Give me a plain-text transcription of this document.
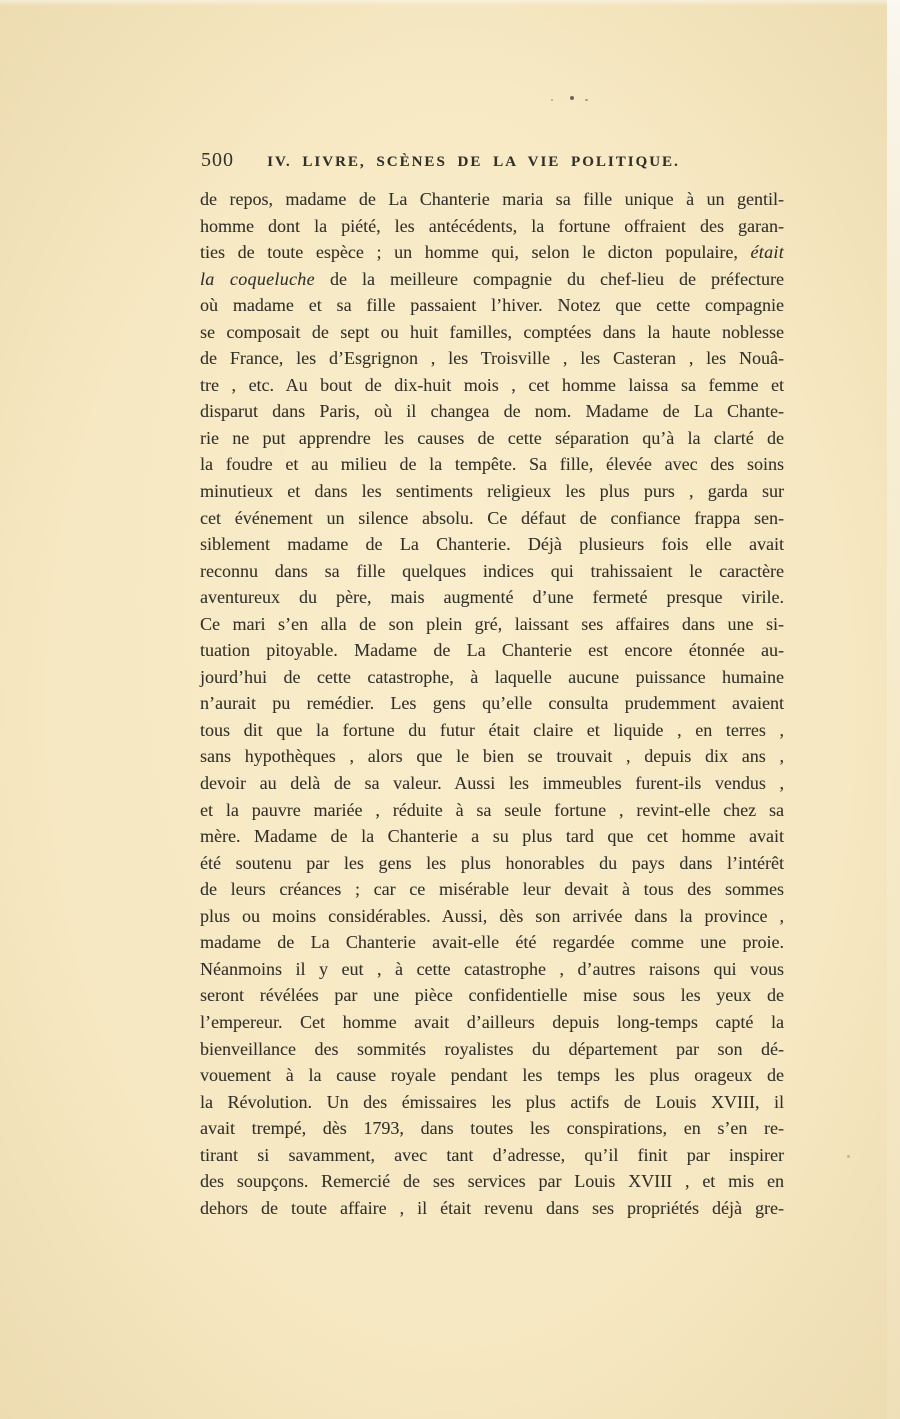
500	IV. LIVRE, SCÈNES DE LA VIE POLITIQUE.
de repos, madame de La Chanterie maria sa fille unique à un gentil-
homme dont la piété, les antécédents, la fortune offraient des garan-
ties de toute espèce ; un homme qui, selon le dicton populaire, était
la coqueluche de la meilleure compagnie du chef-lieu de préfecture
où madame et sa fille passaient l’hiver. Notez que cette compagnie
se composait de sept ou huit familles, comptées dans la haute noblesse
de France, les d’Esgrignon , les Troisville , les Casteran , les Nouâ-
tre , etc. Au bout de dix-huit mois , cet homme laissa sa femme et
disparut dans Paris, où il changea de nom. Madame de La Chante-
rie ne put apprendre les causes de cette séparation qu’à la clarté de
la foudre et au milieu de la tempête. Sa fille, élevée avec des soins
minutieux et dans les sentiments religieux les plus purs , garda sur
cet événement un silence absolu. Ce défaut de confiance frappa sen-
siblement madame de La Chanterie. Déjà plusieurs fois elle avait
reconnu dans sa fille quelques indices qui trahissaient le caractère
aventureux du père, mais augmenté d’une fermeté presque virile.
Ce mari s’en alla de son plein gré, laissant ses affaires dans une si-
tuation pitoyable. Madame de La Chanterie est encore étonnée au-
jourd’hui de cette catastrophe, à laquelle aucune puissance humaine
n’aurait pu remédier. Les gens qu’elle consulta prudemment avaient
tous dit que la fortune du futur était claire et liquide , en terres ,
sans hypothèques , alors que le bien se trouvait , depuis dix ans ,
devoir au delà de sa valeur. Aussi les immeubles furent-ils vendus ,
et la pauvre mariée , réduite à sa seule fortune , revint-elle chez sa
mère. Madame de la Chanterie a su plus tard que cet homme avait
été soutenu par les gens les plus honorables du pays dans l’intérêt
de leurs créances ; car ce misérable leur devait à tous des sommes
plus ou moins considérables. Aussi, dès son arrivée dans la province ,
madame de La Chanterie avait-elle été regardée comme une proie.
Néanmoins il y eut , à cette catastrophe , d’autres raisons qui vous
seront révélées par une pièce confidentielle mise sous les yeux de
l’empereur. Cet homme avait d’ailleurs depuis long-temps capté la
bienveillance des sommités royalistes du département par son dé-
vouement à la cause royale pendant les temps les plus orageux de
la Révolution. Un des émissaires les plus actifs de Louis XVIII, il
avait trempé, dès 1793, dans toutes les conspirations, en s’en re-
tirant si savamment, avec tant d’adresse, qu’il finit par inspirer
des soupçons. Remercié de ses services par Louis XVIII , et mis en
dehors de toute affaire , il était revenu dans ses propriétés déjà gre-
